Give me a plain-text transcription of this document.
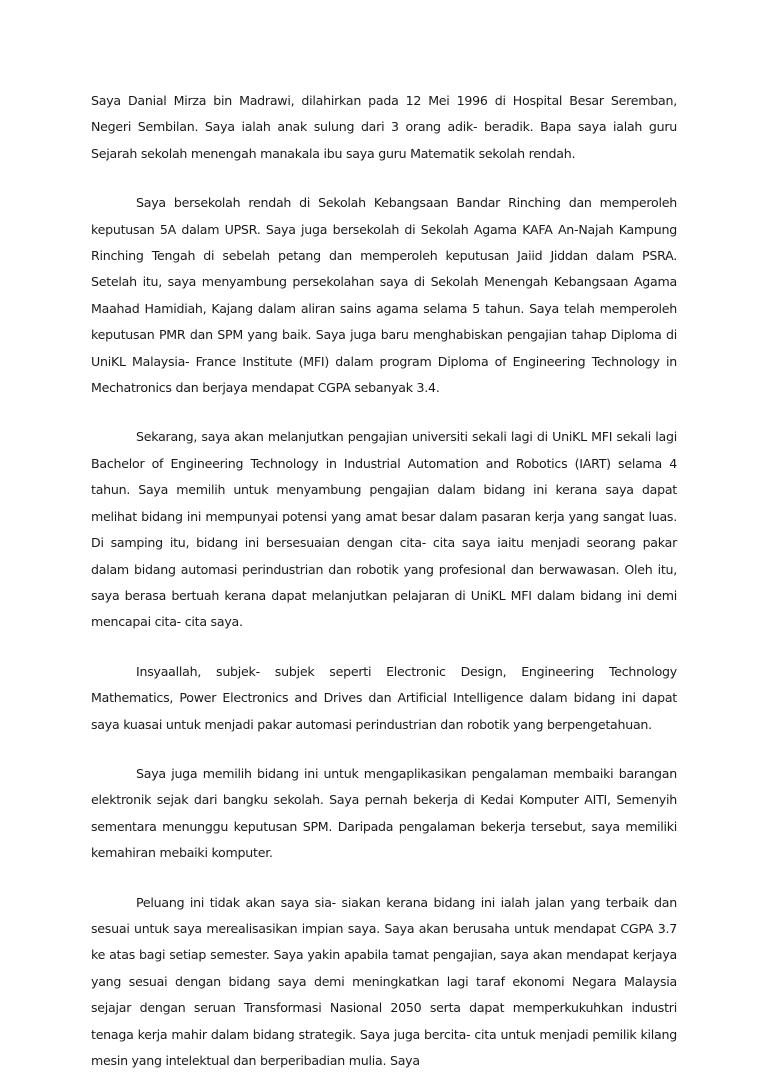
Saya Danial Mirza bin Madrawi, dilahirkan pada 12 Mei 1996 di Hospital Besar Seremban, Negeri Sembilan. Saya ialah anak sulung dari 3 orang adik- beradik. Bapa saya ialah guru Sejarah sekolah menengah manakala ibu saya guru Matematik sekolah rendah.

Saya bersekolah rendah di Sekolah Kebangsaan Bandar Rinching dan memperoleh keputusan 5A dalam UPSR. Saya juga bersekolah di Sekolah Agama KAFA An-Najah Kampung Rinching Tengah di sebelah petang dan memperoleh keputusan Jaiid Jiddan dalam PSRA. Setelah itu, saya menyambung persekolahan saya di Sekolah Menengah Kebangsaan Agama Maahad Hamidiah, Kajang dalam aliran sains agama selama 5 tahun. Saya telah memperoleh keputusan PMR dan SPM yang baik. Saya juga baru menghabiskan pengajian tahap Diploma di UniKL Malaysia- France Institute (MFI) dalam program Diploma of Engineering Technology in Mechatronics dan berjaya mendapat CGPA sebanyak 3.4.

Sekarang, saya akan melanjutkan pengajian universiti sekali lagi di UniKL MFI sekali lagi Bachelor of Engineering Technology in Industrial Automation and Robotics (IART) selama 4 tahun. Saya memilih untuk menyambung pengajian dalam bidang ini kerana saya dapat melihat bidang ini mempunyai potensi yang amat besar dalam pasaran kerja yang sangat luas. Di samping itu, bidang ini bersesuaian dengan cita- cita saya iaitu menjadi seorang pakar dalam bidang automasi perindustrian dan robotik yang profesional dan berwawasan. Oleh itu, saya berasa bertuah kerana dapat melanjutkan pelajaran di UniKL MFI dalam bidang ini demi mencapai cita- cita saya.

Insyaallah, subjek- subjek seperti Electronic Design, Engineering Technology Mathematics, Power Electronics and Drives dan Artificial Intelligence dalam bidang ini dapat saya kuasai untuk menjadi pakar automasi perindustrian dan robotik yang berpengetahuan.

Saya juga memilih bidang ini untuk mengaplikasikan pengalaman membaiki barangan elektronik sejak dari bangku sekolah. Saya pernah bekerja di Kedai Komputer AITI, Semenyih sementara menunggu keputusan SPM. Daripada pengalaman bekerja tersebut, saya memiliki kemahiran mebaiki komputer.

Peluang ini tidak akan saya sia- siakan kerana bidang ini ialah jalan yang terbaik dan sesuai untuk saya merealisasikan impian saya. Saya akan berusaha untuk mendapat CGPA 3.7 ke atas bagi setiap semester. Saya yakin apabila tamat pengajian, saya akan mendapat kerjaya yang sesuai dengan bidang saya demi meningkatkan lagi taraf ekonomi Negara Malaysia sejajar dengan seruan Transformasi Nasional 2050 serta dapat memperkukuhkan industri tenaga kerja mahir dalam bidang strategik. Saya juga bercita- cita untuk menjadi pemilik kilang mesin yang intelektual dan berperibadian mulia. Saya
